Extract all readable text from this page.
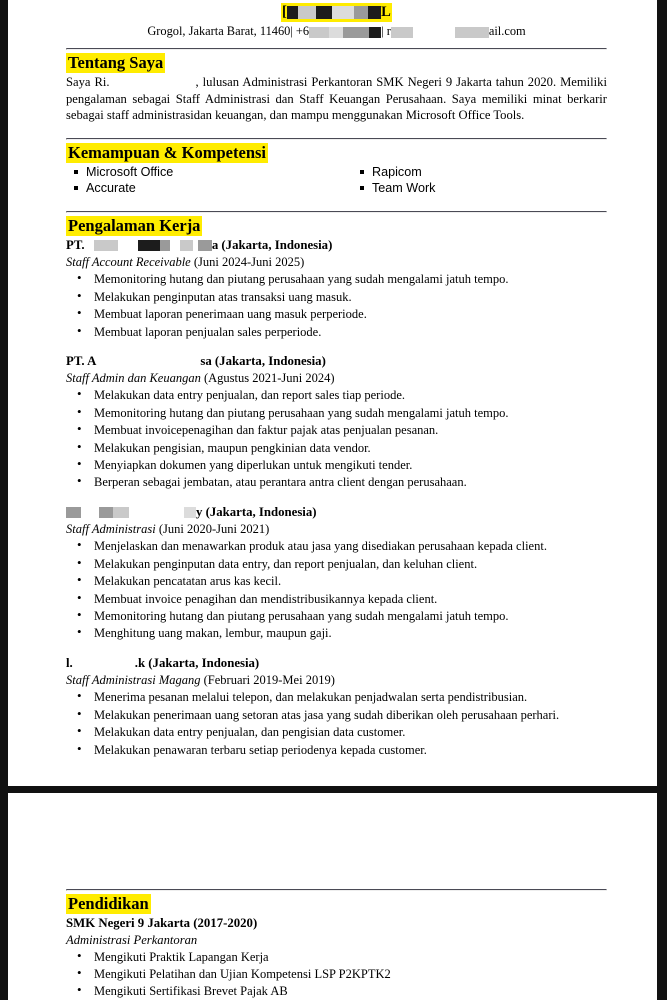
[	L
Grogol, Jakarta Barat, 11460| +6	| r	ail.com
Tentang Saya

Saya Ri.	, lulusan Administrasi Perkantoran SMK Negeri 9 Jakarta tahun 2020. Memiliki pengalaman sebagai Staff Administrasi dan Staff Keuangan Perusahaan. Saya memiliki minat berkarir sebagai staff administrasidan keuangan, dan mampu menggunakan Microsoft Office Tools.

Kemampuan & Kompetensi
Microsoft Office	Rapicom
Accurate	Team Work
Pengalaman Kerja
PT.	a (Jakarta, Indonesia)
Staff Account Receivable (Juni 2024-Juni 2025)
• Memonitoring hutang dan piutang perusahaan yang sudah mengalami jatuh tempo.
• Melakukan penginputan atas transaksi uang masuk.
• Membuat laporan penerimaan uang masuk perperiode.
• Membuat laporan penjualan sales perperiode.
PT. A	sa (Jakarta, Indonesia)
Staff Admin dan Keuangan (Agustus 2021-Juni 2024)
• Melakukan data entry penjualan, dan report sales tiap periode.
• Memonitoring hutang dan piutang perusahaan yang sudah mengalami jatuh tempo.
• Membuat invoicepenagihan dan faktur pajak atas penjualan pesanan.
• Melakukan pengisian, maupun pengkinian data vendor.
• Menyiapkan dokumen yang diperlukan untuk mengikuti tender.
• Berperan sebagai jembatan, atau perantara antra client dengan perusahaan.
y (Jakarta, Indonesia)
Staff Administrasi (Juni 2020-Juni 2021)
• Menjelaskan dan menawarkan produk atau jasa yang disediakan perusahaan kepada client.
• Melakukan penginputan data entry, dan report penjualan, dan keluhan client.
• Melakukan pencatatan arus kas kecil.
• Membuat invoice penagihan dan mendistribusikannya kepada client.
• Memonitoring hutang dan piutang perusahaan yang sudah mengalami jatuh tempo.
• Menghitung uang makan, lembur, maupun gaji.
l.	.k (Jakarta, Indonesia)
Staff Administrasi Magang (Februari 2019-Mei 2019)
• Menerima pesanan melalui telepon, dan melakukan penjadwalan serta pendistribusian.
• Melakukan penerimaan uang setoran atas jasa yang sudah diberikan oleh perusahaan perhari.
• Melakukan data entry penjualan, dan pengisian data customer.
• Melakukan penawaran terbaru setiap periodenya kepada customer.
Pendidikan
SMK Negeri 9 Jakarta (2017-2020)
Administrasi Perkantoran
• Mengikuti Praktik Lapangan Kerja
• Mengikuti Pelatihan dan Ujian Kompetensi LSP P2KPTK2
• Mengikuti Sertifikasi Brevet Pajak AB
